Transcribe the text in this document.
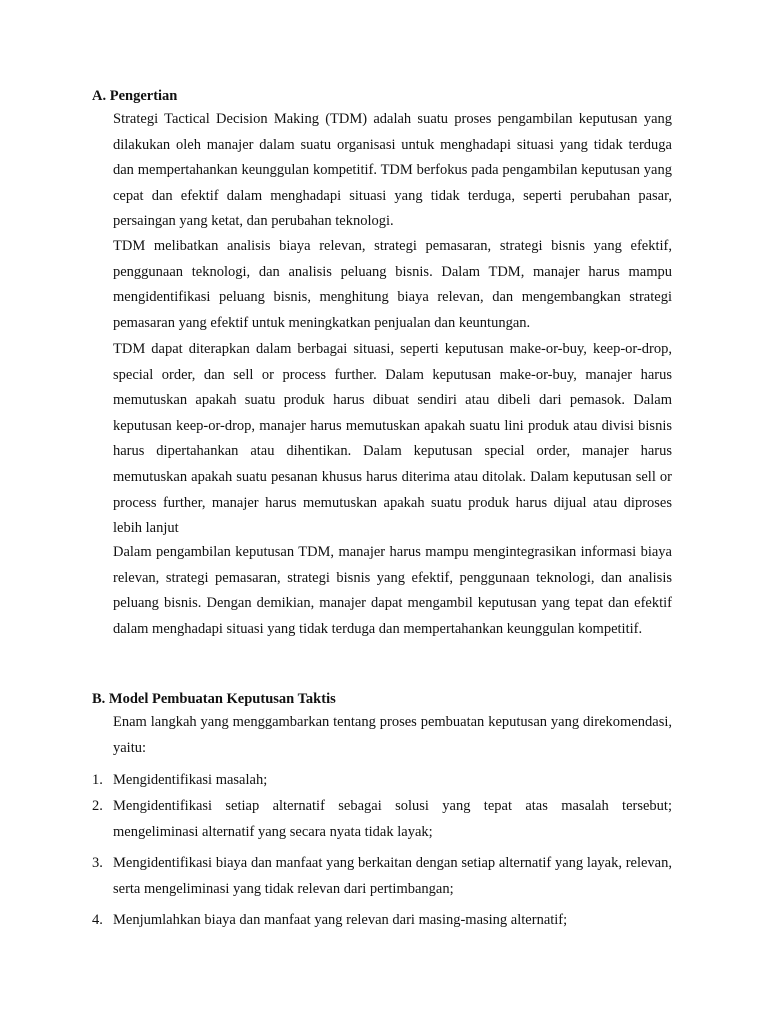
A. Pengertian

Strategi Tactical Decision Making (TDM) adalah suatu proses pengambilan keputusan yang dilakukan oleh manajer dalam suatu organisasi untuk menghadapi situasi yang tidak terduga dan mempertahankan keunggulan kompetitif. TDM berfokus pada pengambilan keputusan yang cepat dan efektif dalam menghadapi situasi yang tidak terduga, seperti perubahan pasar, persaingan yang ketat, dan perubahan teknologi.

TDM melibatkan analisis biaya relevan, strategi pemasaran, strategi bisnis yang efektif, penggunaan teknologi, dan analisis peluang bisnis. Dalam TDM, manajer harus mampu mengidentifikasi peluang bisnis, menghitung biaya relevan, dan mengembangkan strategi pemasaran yang efektif untuk meningkatkan penjualan dan keuntungan.

TDM dapat diterapkan dalam berbagai situasi, seperti keputusan make-or-buy, keep-or-drop, special order, dan sell or process further. Dalam keputusan make-or-buy, manajer harus memutuskan apakah suatu produk harus dibuat sendiri atau dibeli dari pemasok. Dalam keputusan keep-or-drop, manajer harus memutuskan apakah suatu lini produk atau divisi bisnis harus dipertahankan atau dihentikan. Dalam keputusan special order, manajer harus memutuskan apakah suatu pesanan khusus harus diterima atau ditolak. Dalam keputusan sell or process further, manajer harus memutuskan apakah suatu produk harus dijual atau diproses lebih lanjut

Dalam pengambilan keputusan TDM, manajer harus mampu mengintegrasikan informasi biaya relevan, strategi pemasaran, strategi bisnis yang efektif, penggunaan teknologi, dan analisis peluang bisnis. Dengan demikian, manajer dapat mengambil keputusan yang tepat dan efektif dalam menghadapi situasi yang tidak terduga dan mempertahankan keunggulan kompetitif.

B. Model Pembuatan Keputusan Taktis

Enam langkah yang menggambarkan tentang proses pembuatan keputusan yang direkomendasi, yaitu:

1. Mengidentifikasi masalah;
2. Mengidentifikasi setiap alternatif sebagai solusi yang tepat atas masalah tersebut; mengeliminasi alternatif yang secara nyata tidak layak;
3. Mengidentifikasi biaya dan manfaat yang berkaitan dengan setiap alternatif yang layak, relevan, serta mengeliminasi yang tidak relevan dari pertimbangan;
4. Menjumlahkan biaya dan manfaat yang relevan dari masing-masing alternatif;
